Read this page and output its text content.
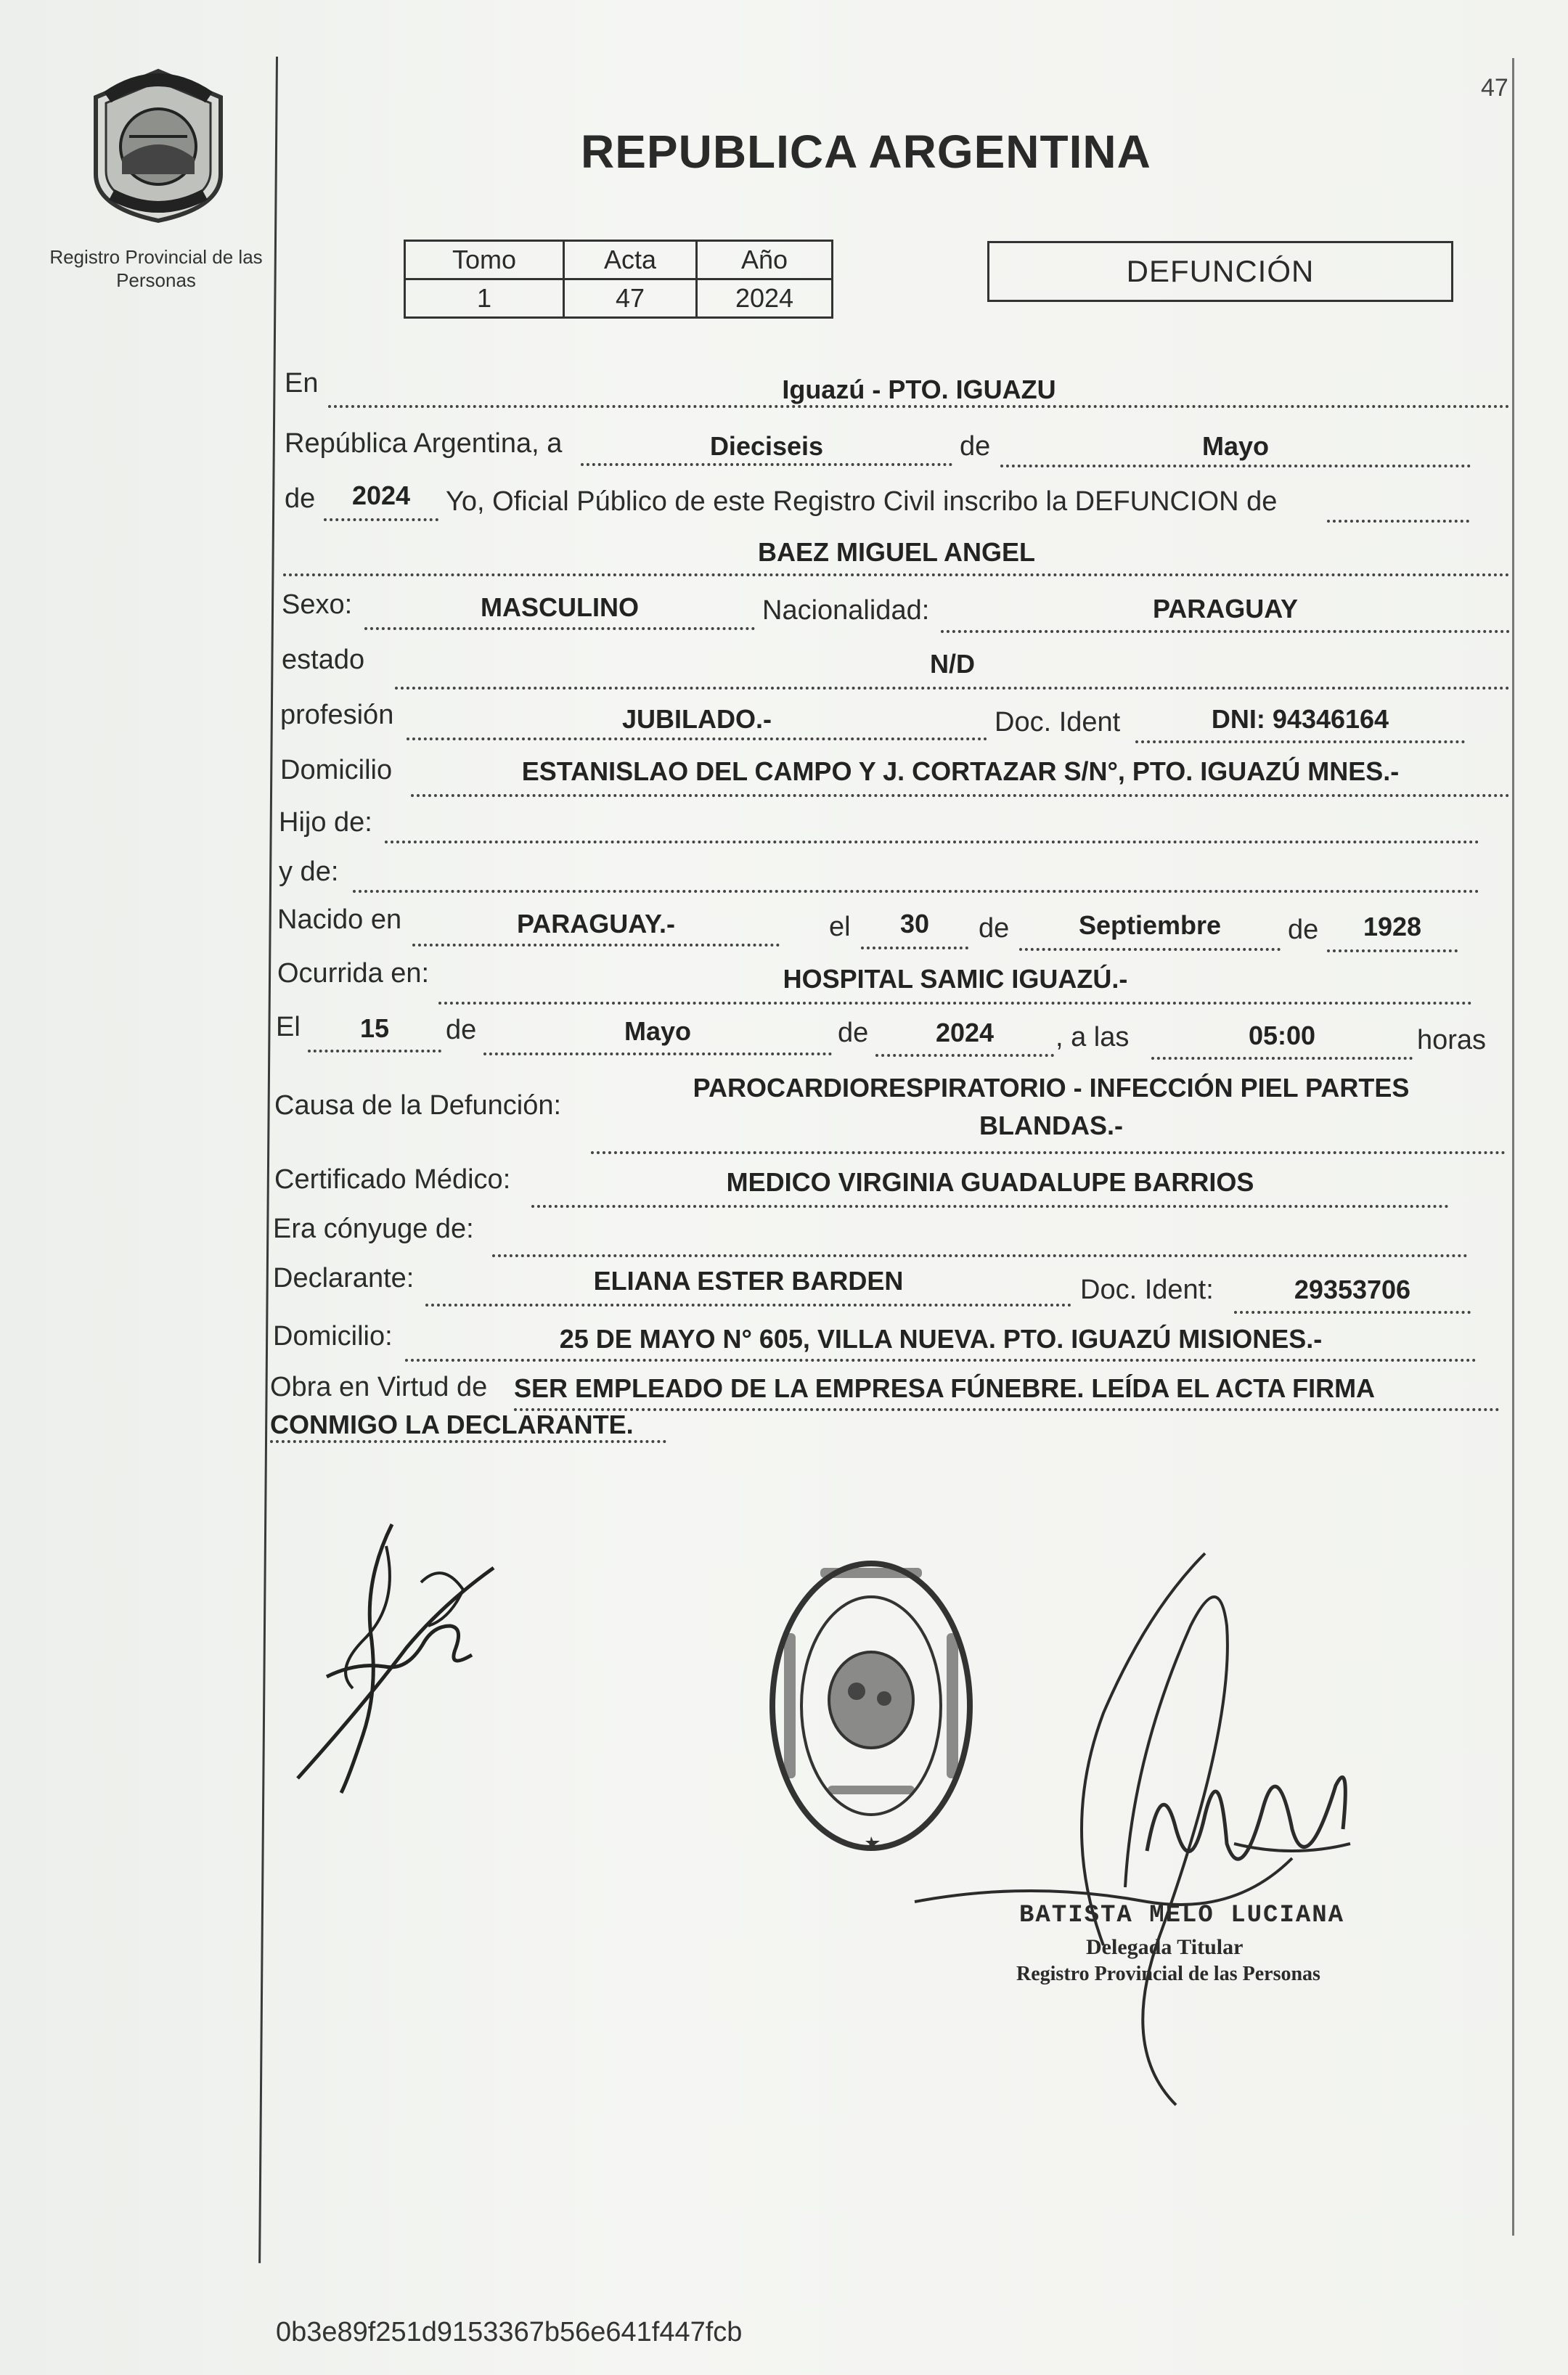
Registro Provincial de las Personas
47
REPUBLICA ARGENTINA
Tomo	Acta	Año
1	47	2024
DEFUNCIÓN
En	Iguazú - PTO. IGUAZU
República Argentina, a	Dieciseis	de	Mayo
de	2024	Yo, Oficial Público de este Registro Civil inscribo la DEFUNCION de
BAEZ MIGUEL ANGEL
Sexo:	MASCULINO	Nacionalidad:	PARAGUAY
estado	N/D
profesión	JUBILADO.-	Doc. Ident	DNI: 94346164
Domicilio	ESTANISLAO DEL CAMPO Y J. CORTAZAR S/N°, PTO. IGUAZÚ MNES.-
Hijo de:
y de:
Nacido en	PARAGUAY.-	el	30	de	Septiembre	de	1928
Ocurrida en:	HOSPITAL SAMIC IGUAZÚ.-
El	15	de	Mayo	de	2024	, a las	05:00	horas
Causa de la Defunción:
PAROCARDIORESPIRATORIO - INFECCIÓN PIEL PARTES
BLANDAS.-
Certificado Médico:	MEDICO VIRGINIA GUADALUPE BARRIOS
Era cónyuge de:
Declarante:	ELIANA ESTER BARDEN	Doc. Ident:	29353706
Domicilio:	25 DE MAYO N° 605, VILLA NUEVA. PTO. IGUAZÚ MISIONES.-
Obra en Virtud de SER EMPLEADO DE LA EMPRESA FÚNEBRE. LEÍDA EL ACTA FIRMA
CONMIGO LA DECLARANTE.
BATISTA MELO LUCIANA
Delegada Titular
Registro Provincial de las Personas
0b3e89f251d9153367b56e641f447fcb
